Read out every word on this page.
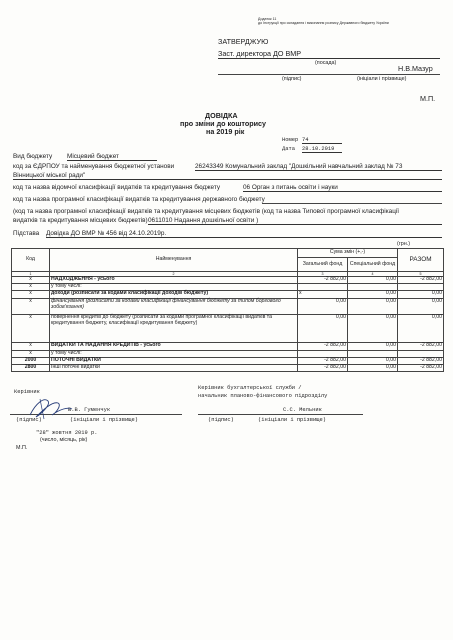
Додаток 11
до Інструкції про складання і виконання розпису Державного бюджету України
ЗАТВЕРДЖУЮ
Заст. директора ДО ВМР
(посада)
Н.В.Мазур
(підпис)	(ініціали і прізвище)
М.П.
ДОВІДКА
про зміни до кошторису
на 2019 рік
Номер 74
Дата 28.10.2019
Вид бюджету Місцевий бюджет
код за ЄДРПОУ та найменування бюджетної установи	26243349 Комунальний заклад "Дошкільний навчальний заклад № 73
Вінницької міської ради"
код та назва відомчої класифікації видатків та кредитування бюджету	06 Орган з питань освіти і науки
код та назва програмної класифікації видатків та кредитування державного бюджету
(код та назва програмної класифікації видатків та кредитування місцевих бюджетів (код та назва Типової програмної класифікації
видатків та кредитування місцевих бюджетів) 0611010 Надання дошкільної освіти )
Підстава Довідка ДО ВМР № 456 від 24.10.2019р.
(грн.)
Код	Найменування	Сума змін (+,-)		РАЗОМ
		Загальний фонд	Спеціальний фонд	
1	2	3	4	5
х	НАДХОДЖЕННЯ - усього	-2 882,00	0,00	-2 882,00
х	у тому числі:			
х	доходи (розписати за кодами класифікації доходів бюджету)	х	0,00	0,00
х	фінансування (розписати за кодами класифікації фінансування бюджету за типом боргового зобов'язання)	0,00	0,00	0,00
х	повернення кредитів до бюджету (розписати за кодами програмної класифікації видатків та кредитування бюджету, класифікації кредитування бюджету)	0,00	0,00	0,00
х	ВИДАТКИ ТА НАДАННЯ КРЕДИТІВ - усього	-2 882,00	0,00	-2 882,00
х	у тому числі:			
2000	ПОТОЧНІ ВИДАТКИ	-2 882,00	0,00	-2 882,00
2800	Інші поточні видатки	-2 882,00	0,00	-2 882,00
Керівник
В.В. Гуменчук
(підпис)	(ініціали і прізвище)
Керівник бухгалтерської служби /
начальник планово-фінансового підрозділу
С.С. Мельник
(підпис)	(ініціали і прізвище)
"28" жовтня 2019 р.
(число, місяць, рік)
М.П.
